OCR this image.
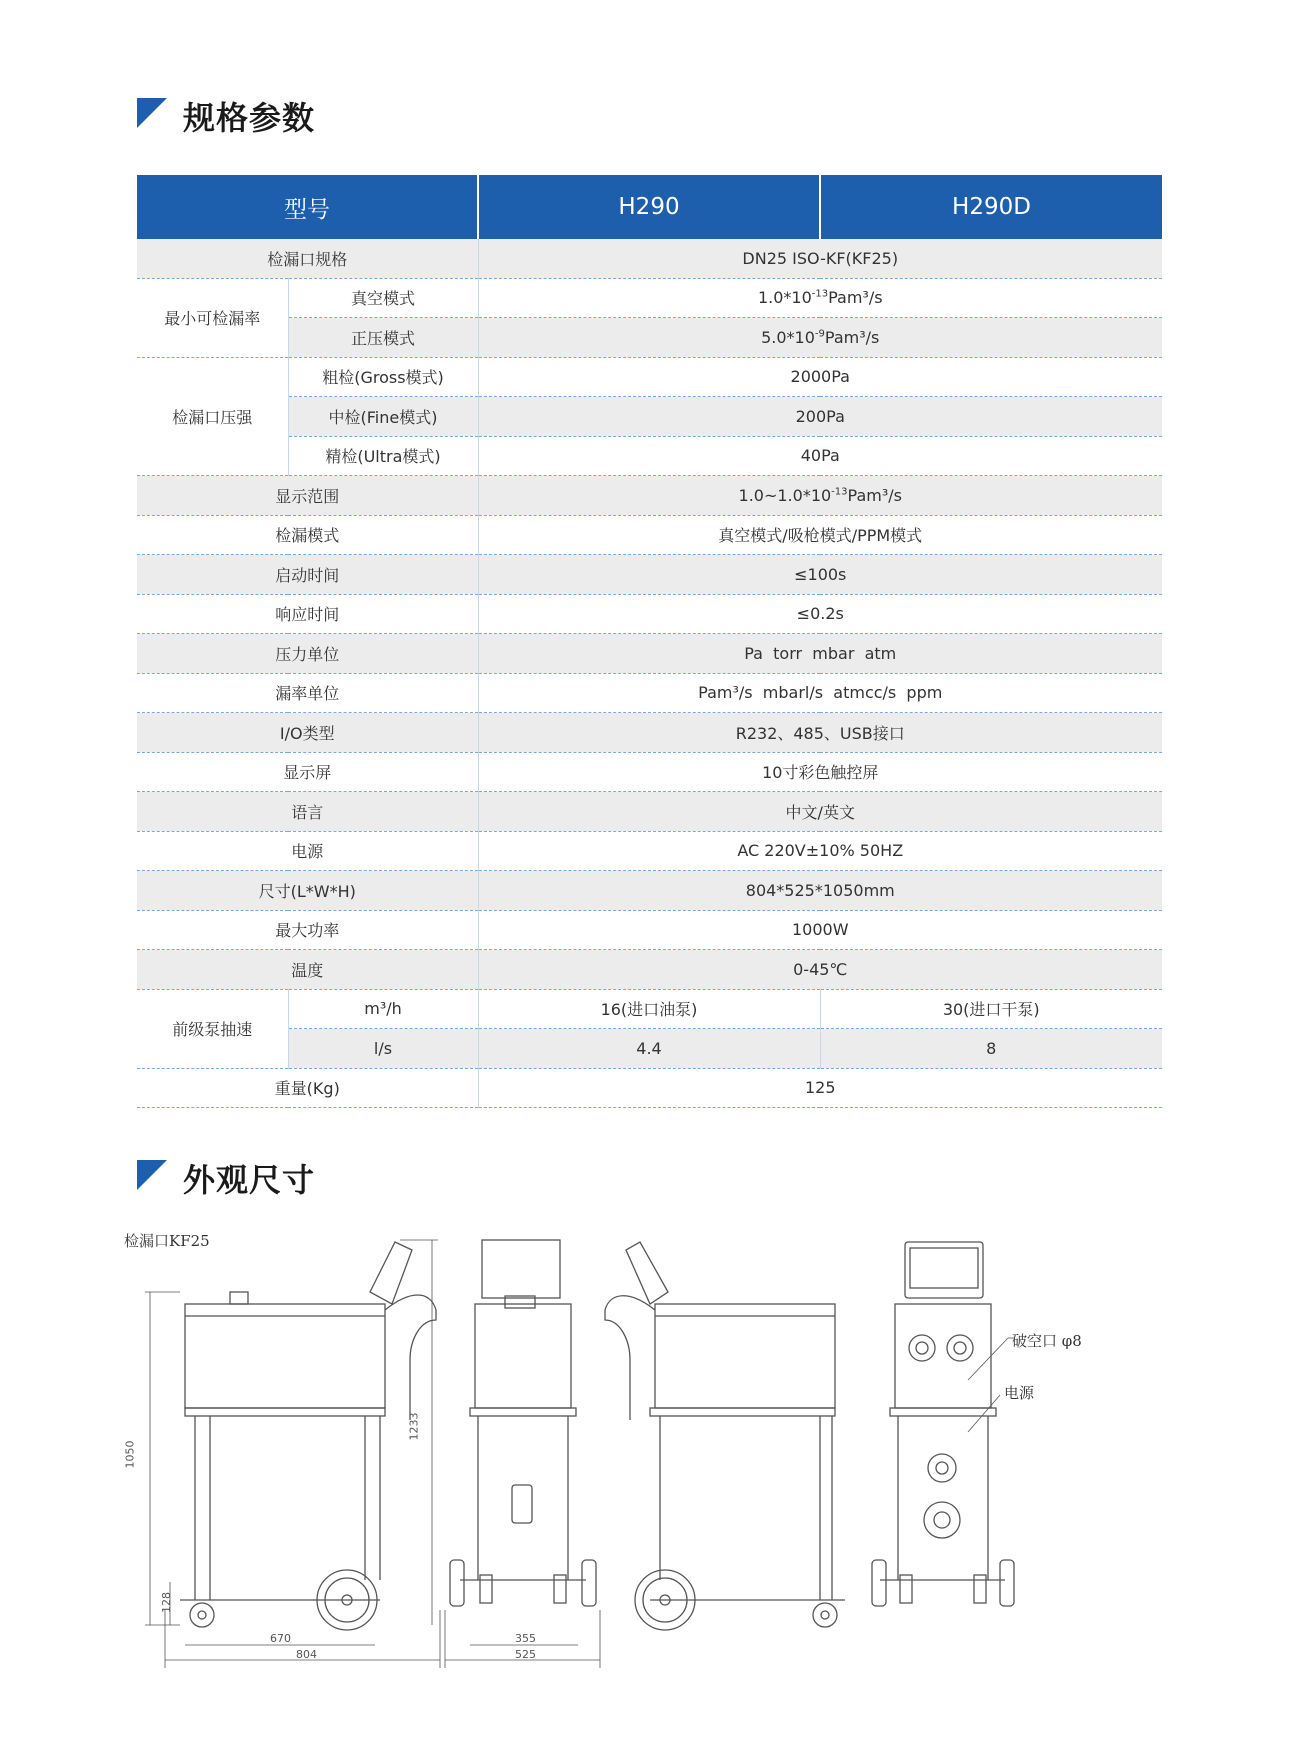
规格参数
型号		H290	H290D
检漏口规格		DN25 ISO-KF(KF25)	
最小可检漏率	真空模式	$1.0*10^{-13}Pam^3/s$	
	正压模式	$5.0*10^{-9}Pam^3/s$	
检漏口压强	粗检(Gross模式)	2000Pa	
	中检(Fine模式)	200Pa	
	精检(Ultra模式)	40Pa	
显示范围		$1.0\sim 1.0*10^{-13}Pam^3/s$	
检漏模式		真空模式/吸枪模式/PPM模式	
启动时间		≤100s	
响应时间		≤0.2s	
压力单位		Pa  torr  mbar  atm	
漏率单位		Pam³/s  mbarl/s  atmcc/s  ppm	
I/O类型		R232、485、USB接口	
显示屏		10寸彩色触控屏	
语言		中文/英文	
电源		AC 220V±10% 50HZ	
尺寸(L*W*H)		804*525*1050mm	
最大功率		1000W	
温度		0-45℃	
前级泵抽速	m³/h	16(进口油泵)	30(进口干泵)
	l/s	4.4	8
重量(Kg)		125	
外观尺寸
检漏口KF25
破空口 φ8
电源
1050
1233
128
670
804
355
525
